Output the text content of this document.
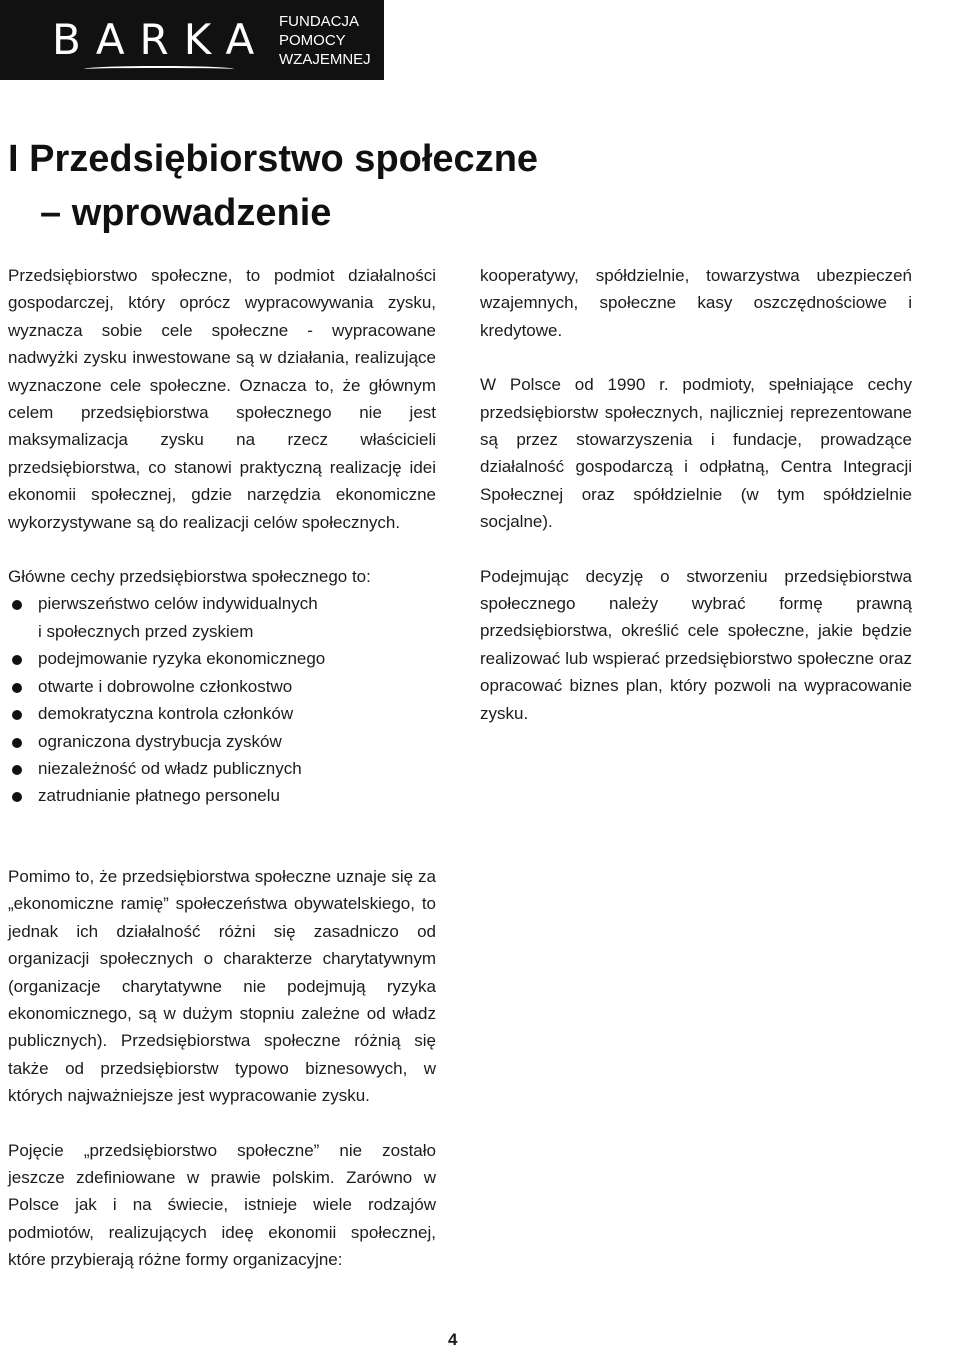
BARKA FUNDACJA
POMOCY
WZAJEMNEJ
I Przedsiębiorstwo społeczne
– wprowadzenie

Przedsiębiorstwo społeczne, to podmiot działalności gospodarczej, który oprócz wypracowywania zysku, wyznacza sobie cele społeczne - wypracowane nadwyżki zysku inwestowane są w działania, realizujące wyznaczone cele społeczne. Oznacza to, że głównym celem przedsiębiorstwa społecznego nie jest maksymalizacja zysku na rzecz właścicieli przedsiębiorstwa, co stanowi praktyczną realizację idei ekonomii społecznej, gdzie narzędzia ekonomiczne wykorzystywane są do realizacji celów społecznych.

Główne cechy przedsiębiorstwa społecznego to:

pierwszeństwo celów indywidualnych
i społecznych przed zyskiem
podejmowanie ryzyka ekonomicznego
otwarte i dobrowolne członkostwo
demokratyczna kontrola członków
ograniczona dystrybucja zysków
niezależność od władz publicznych
zatrudnianie płatnego personelu

Pomimo to, że przedsiębiorstwa społeczne uznaje się za „ekonomiczne ramię” społeczeństwa obywatelskiego, to jednak ich działalność różni się zasadniczo od organizacji społecznych o charakterze charytatywnym (organizacje charytatywne nie podejmują ryzyka ekonomicznego, są w dużym stopniu zależne od władz publicznych). Przedsiębiorstwa społeczne różnią się także od przedsiębiorstw typowo biznesowych, w których najważniejsze jest wypracowanie zysku.

Pojęcie „przedsiębiorstwo społeczne” nie zostało jeszcze zdefiniowane w prawie polskim. Zarówno w Polsce jak i na świecie, istnieje wiele rodzajów podmiotów, realizujących ideę ekonomii społecznej, które przybierają różne formy organizacyjne:

kooperatywy, spółdzielnie, towarzystwa ubezpieczeń wzajemnych, społeczne kasy oszczędnościowe i kredytowe.

W Polsce od 1990 r. podmioty, spełniające cechy przedsiębiorstw społecznych, najliczniej reprezentowane są przez stowarzyszenia i fundacje, prowadzące działalność gospodarczą i odpłatną, Centra Integracji Społecznej oraz spółdzielnie (w tym spółdzielnie socjalne).

Podejmując decyzję o stworzeniu przedsiębiorstwa społecznego należy wybrać formę prawną przedsiębiorstwa, określić cele społeczne, jakie będzie realizować lub wspierać przedsiębiorstwo społeczne oraz opracować biznes plan, który pozwoli na wypracowanie zysku.

4
